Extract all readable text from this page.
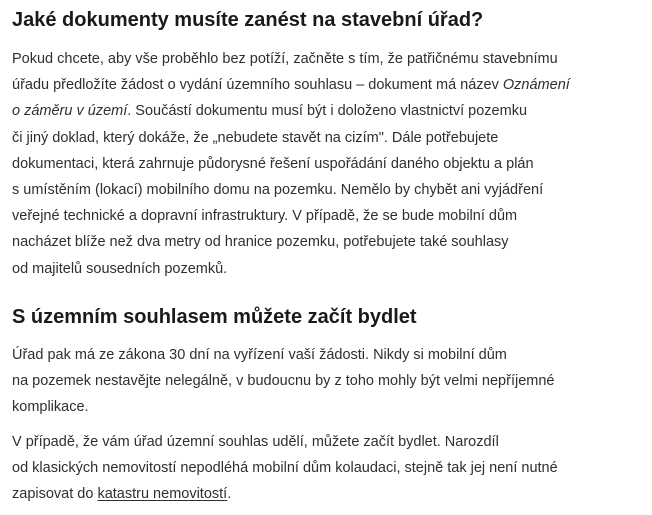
Jaké dokumenty musíte zanést na stavební úřad?

Pokud chcete, aby vše proběhlo bez potíží, začněte s tím, že patřičnému stavebnímu
úřadu předložíte žádost o vydání územního souhlasu – dokument má název Oznámení
o záměru v území. Součástí dokumentu musí být i doloženo vlastnictví pozemku
či jiný doklad, který dokáže, že „nebudete stavět na cizím". Dále potřebujete
dokumentaci, která zahrnuje půdorysné řešení uspořádání daného objektu a plán
s umístěním (lokací) mobilního domu na pozemku. Nemělo by chybět ani vyjádření
veřejné technické a dopravní infrastruktury. V případě, že se bude mobilní dům
nacházet blíže než dva metry od hranice pozemku, potřebujete také souhlasy
od majitelů sousedních pozemků.

S územním souhlasem můžete začít bydlet

Úřad pak má ze zákona 30 dní na vyřízení vaší žádosti. Nikdy si mobilní dům
na pozemek nestavějte nelegálně, v budoucnu by z toho mohly být velmi nepříjemné
komplikace.

V případě, že vám úřad územní souhlas udělí, můžete začít bydlet. Narozdíl
od klasických nemovitostí nepodléhá mobilní dům kolaudaci, stejně tak jej není nutné
zapisovat do katastru nemovitostí.
